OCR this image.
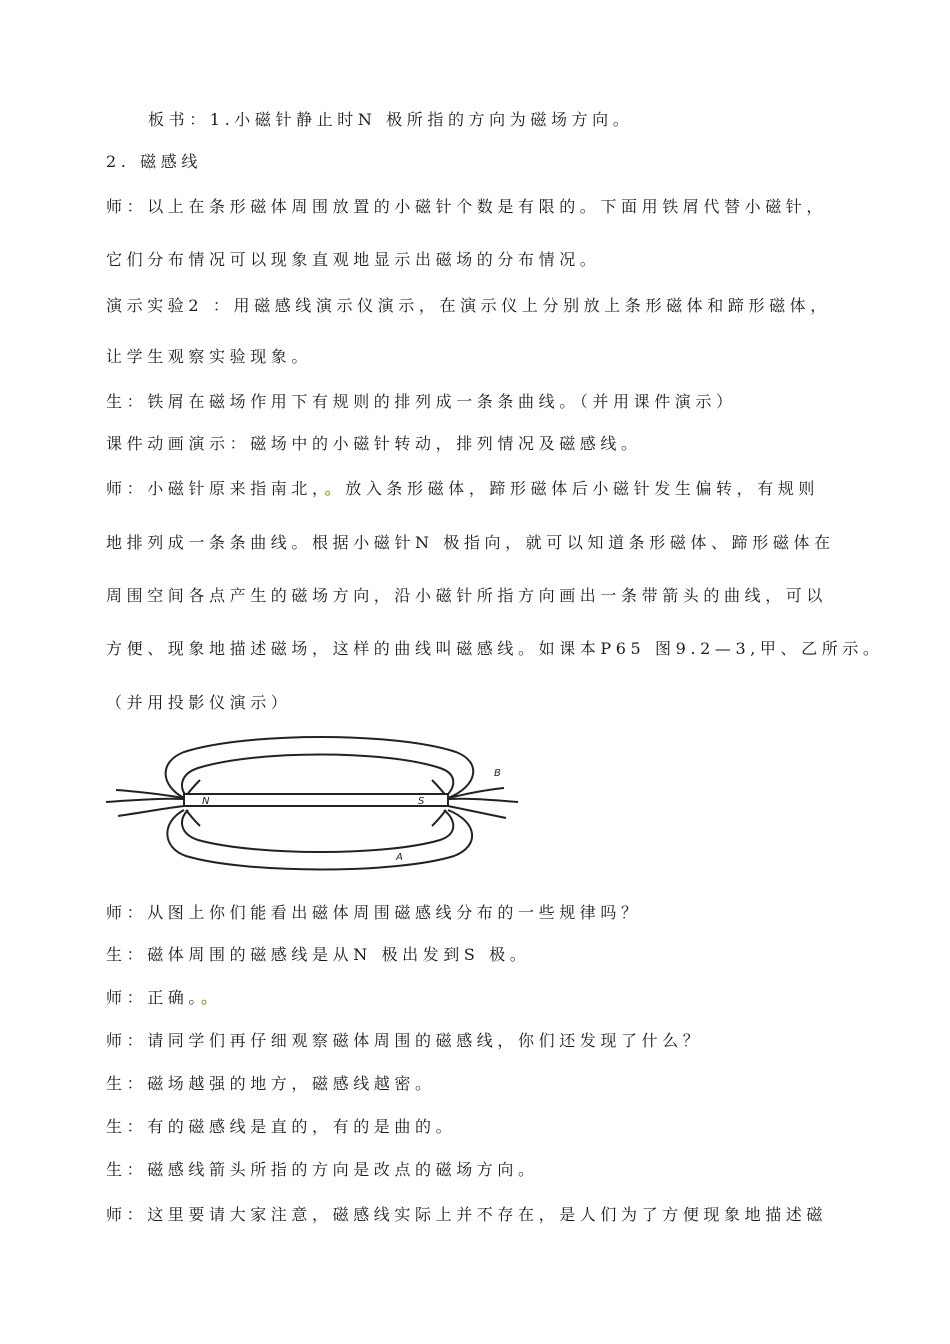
板书：1.小磁针静止时N 极所指的方向为磁场方向。
2. 磁感线
师：以上在条形磁体周围放置的小磁针个数是有限的。下面用铁屑代替小磁针，
它们分布情况可以现象直观地显示出磁场的分布情况。
演示实验2 ：用磁感线演示仪演示，在演示仪上分别放上条形磁体和蹄形磁体，
让学生观察实验现象。
生：铁屑在磁场作用下有规则的排列成一条条曲线。（并用课件演示）
课件动画演示：磁场中的小磁针转动，排列情况及磁感线。
师：小磁针原来指南北，。放入条形磁体，蹄形磁体后小磁针发生偏转，有规则
地排列成一条条曲线。根据小磁针N 极指向，就可以知道条形磁体、蹄形磁体在
周围空间各点产生的磁场方向，沿小磁针所指方向画出一条带箭头的曲线，可以
方便、现象地描述磁场，这样的曲线叫磁感线。如课本P65 图9.2—3,甲、乙所示。
（并用投影仪演示）
N	S
B
A
师：从图上你们能看出磁体周围磁感线分布的一些规律吗？
生：磁体周围的磁感线是从N 极出发到S 极。
师：正确。。
师：请同学们再仔细观察磁体周围的磁感线，你们还发现了什么？
生：磁场越强的地方，磁感线越密。
生：有的磁感线是直的，有的是曲的。
生：磁感线箭头所指的方向是改点的磁场方向。
师：这里要请大家注意，磁感线实际上并不存在，是人们为了方便现象地描述磁
